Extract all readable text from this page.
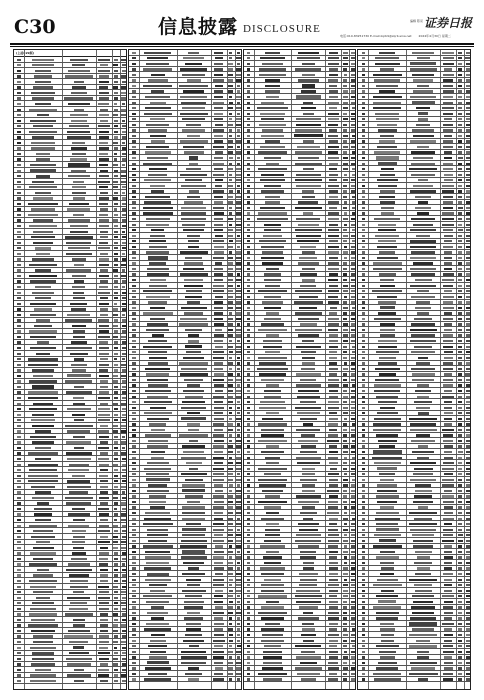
C30	信息披露 DISCLOSURE
编辑 陈亮 证券日报
电话:010-83251730 E-mail:zqrb9@zqrb.sina.net 2024年4月30日 星期二
(上接C29版)
